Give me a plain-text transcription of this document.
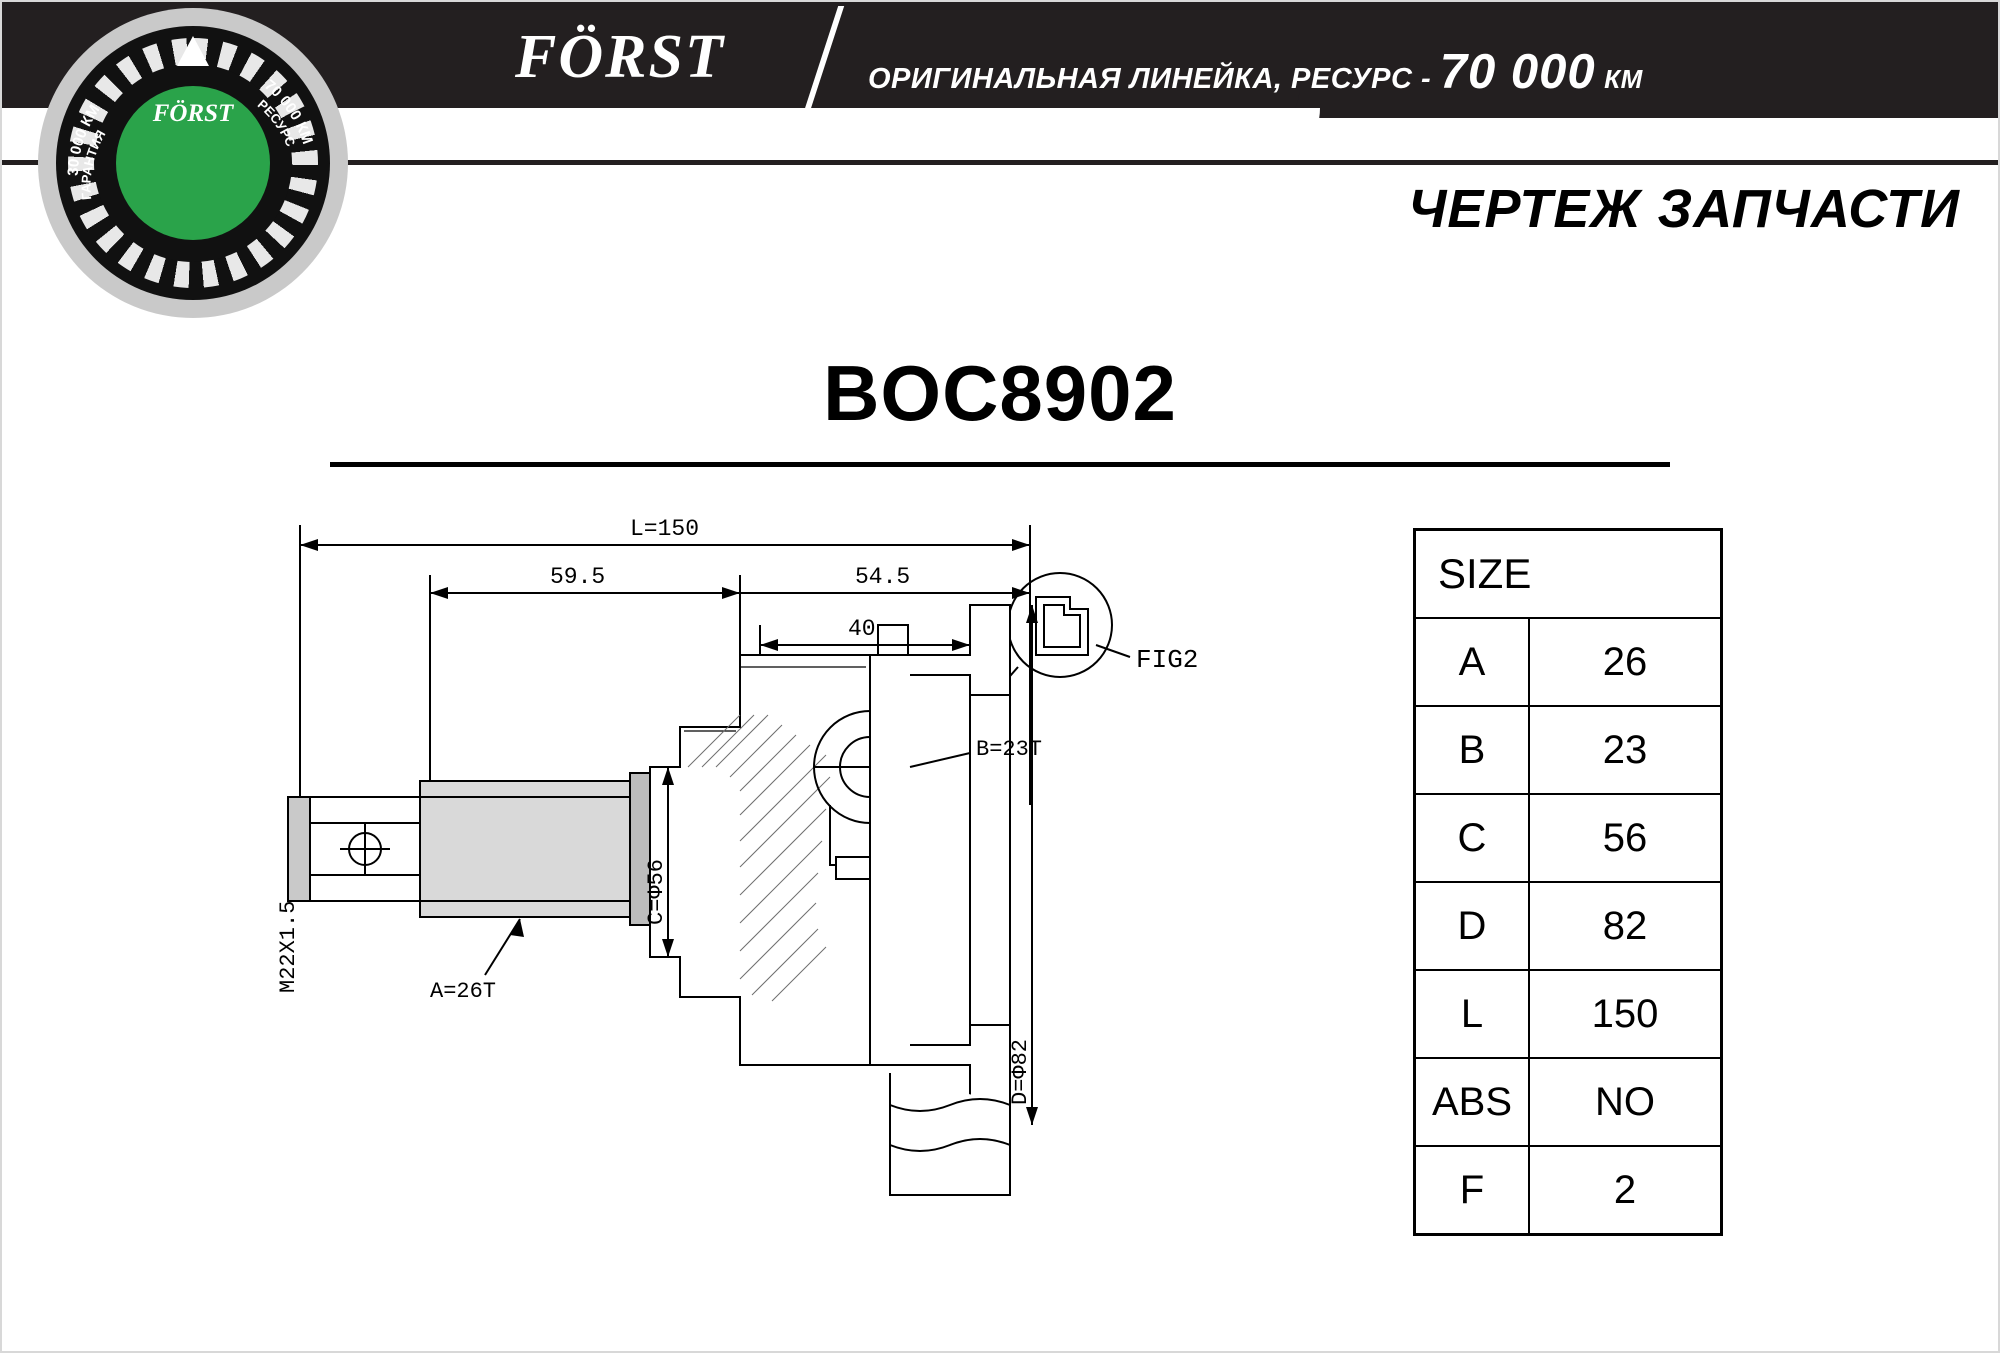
FÖRST	ОРИГИНАЛЬНАЯ ЛИНЕЙКА, РЕСУРС - 70 000 КМ
FÖRST
30 000 КМ
ГАРАНТИЯ
70 000 КМ
РЕСУРС
ЧЕРТЕЖ ЗАПЧАСТИ
BOC8902
L=150
59.5	54.5
40
FIG2
B=23T
A=26T
M22X1.5
C=Ф56
D=Ф82
SIZE	
A	26
B	23
C	56
D	82
L	150
ABS	NO
F	2
